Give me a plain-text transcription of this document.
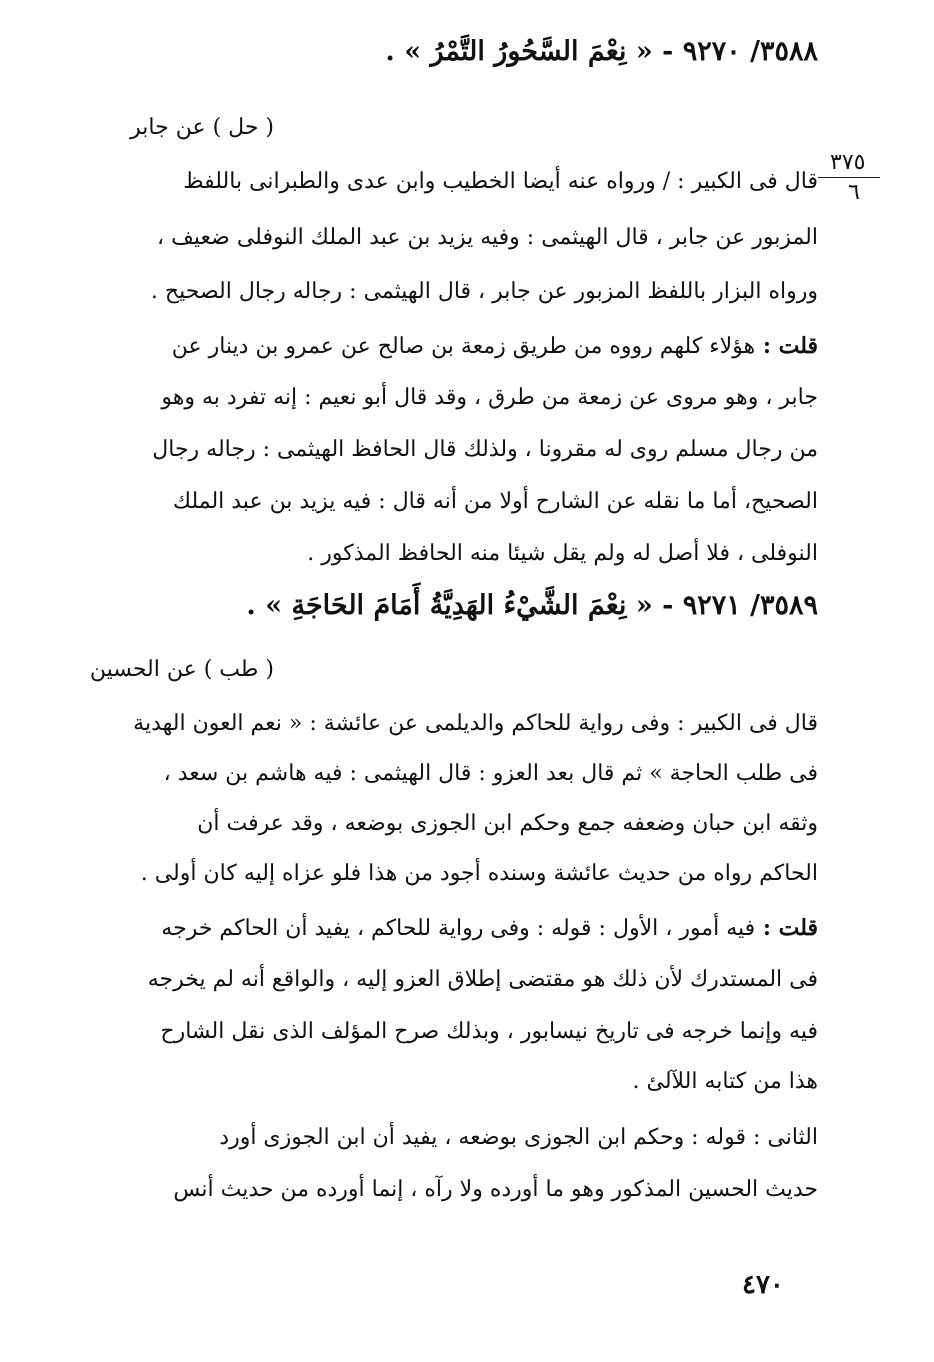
٣٥٨٨/ ٩٢٧٠ - « نِعْمَ السَّحُورُ التَّمْرُ » .
( حل ) عن جابر
٣٧٥
٦
قال فى الكبير : / ورواه عنه أيضا الخطيب وابن عدى والطبرانى باللفظ
المزبور عن جابر ، قال الهيثمى : وفيه يزيد بن عبد الملك النوفلى ضعيف ،
ورواه البزار باللفظ المزبور عن جابر ، قال الهيثمى : رجاله رجال الصحيح .
قلت : هؤلاء كلهم رووه من طريق زمعة بن صالح عن عمرو بن دينار عن
جابر ، وهو مروى عن زمعة من طرق ، وقد قال أبو نعيم : إنه تفرد به وهو
من رجال مسلم روى له مقرونا ، ولذلك قال الحافظ الهيثمى : رجاله رجال
الصحيح، أما ما نقله عن الشارح أولا من أنه قال : فيه يزيد بن عبد الملك
النوفلى ، فلا أصل له ولم يقل شيئا منه الحافظ المذكور .
٣٥٨٩/ ٩٢٧١ - « نِعْمَ الشَّيْءُ الهَدِيَّةُ أَمَامَ الحَاجَةِ » .
( طب ) عن الحسين
قال فى الكبير : وفى رواية للحاكم والديلمى عن عائشة : « نعم العون الهدية
فى طلب الحاجة » ثم قال بعد العزو : قال الهيثمى : فيه هاشم بن سعد ،
وثقه ابن حبان وضعفه جمع وحكم ابن الجوزى بوضعه ، وقد عرفت أن
الحاكم رواه من حديث عائشة وسنده أجود من هذا فلو عزاه إليه كان أولى .
قلت : فيه أمور ، الأول : قوله : وفى رواية للحاكم ، يفيد أن الحاكم خرجه
فى المستدرك لأن ذلك هو مقتضى إطلاق العزو إليه ، والواقع أنه لم يخرجه
فيه وإنما خرجه فى تاريخ نيسابور ، وبذلك صرح المؤلف الذى نقل الشارح
هذا من كتابه اللآلئ .
الثانى : قوله : وحكم ابن الجوزى بوضعه ، يفيد أن ابن الجوزى أورد
حديث الحسين المذكور وهو ما أورده ولا رآه ، إنما أورده من حديث أنس
٤٧٠
